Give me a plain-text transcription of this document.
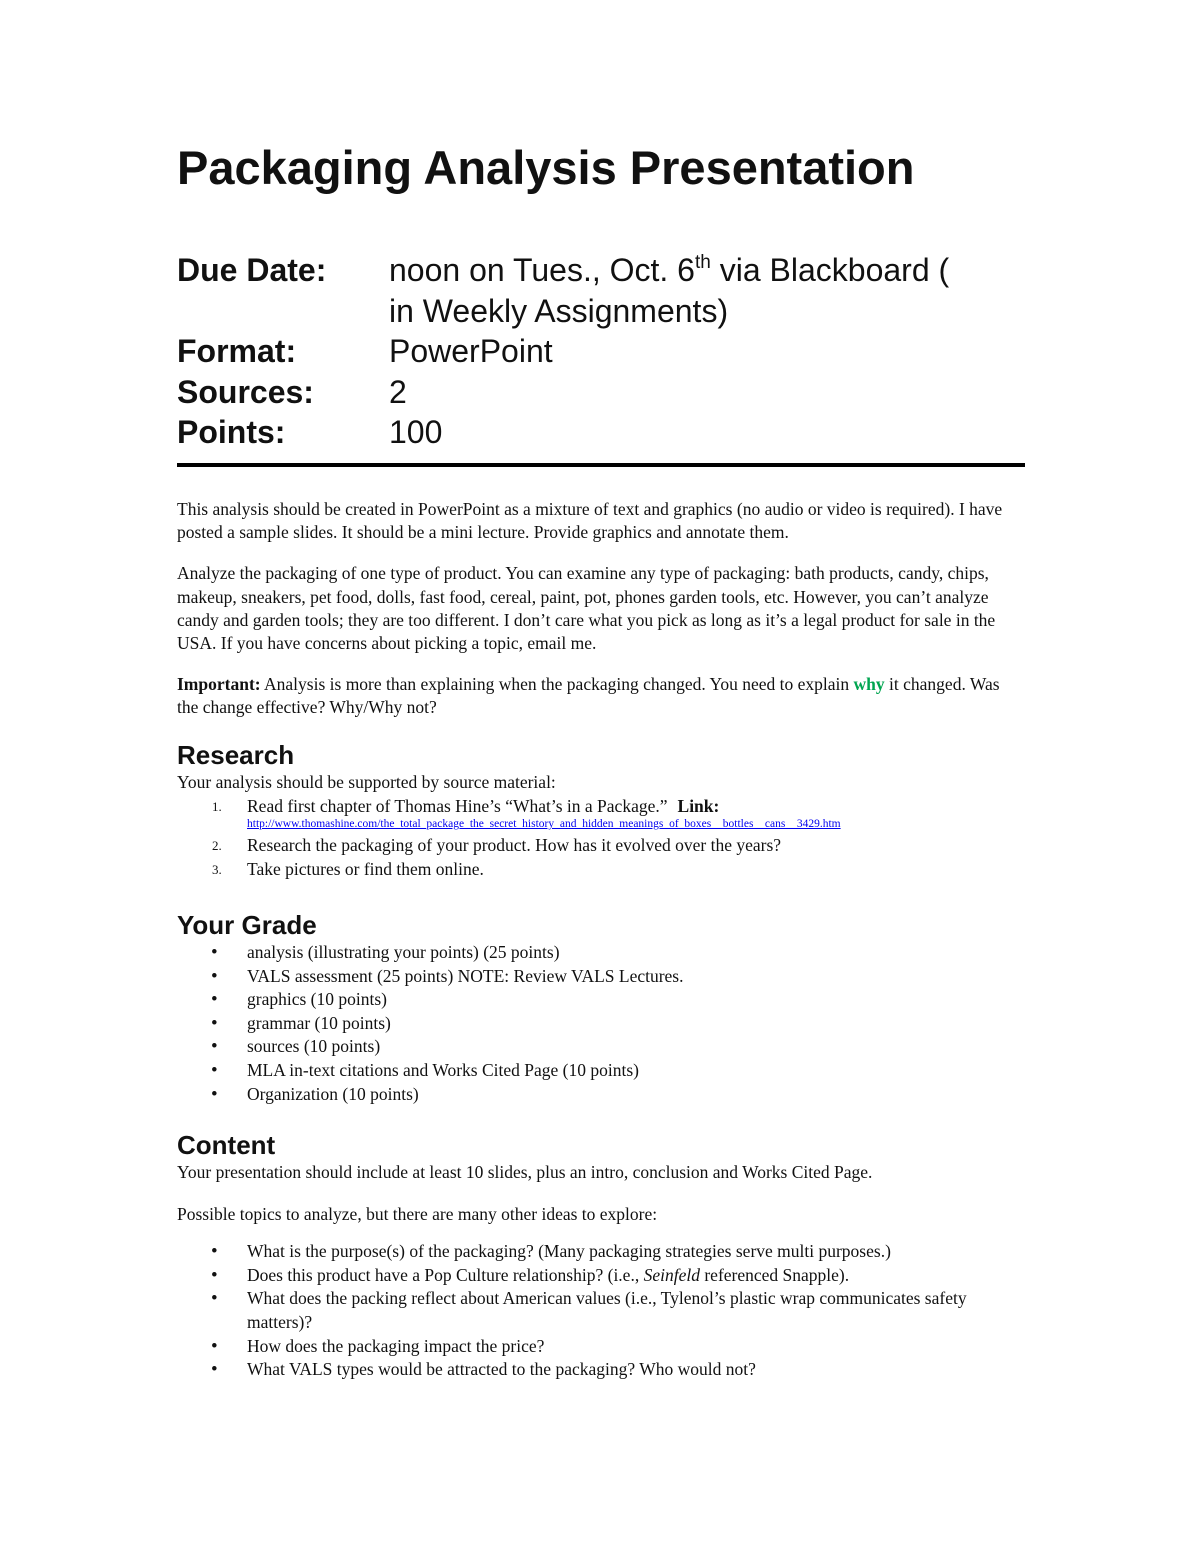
Packaging Analysis Presentation
Due Date:	noon on Tues., Oct. 6th via Blackboard (
in Weekly Assignments)
Format:	PowerPoint
Sources:	2
Points:	100

This analysis should be created in PowerPoint as a mixture of text and graphics (no audio or video is required). I have posted a sample slides. It should be a mini lecture. Provide graphics and annotate them.

Analyze the packaging of one type of product. You can examine any type of packaging: bath products, candy, chips, makeup, sneakers, pet food, dolls, fast food, cereal, paint, pot, phones garden tools, etc. However, you can’t analyze candy and garden tools; they are too different. I don’t care what you pick as long as it’s a legal product for sale in the USA. If you have concerns about picking a topic, email me.

Important: Analysis is more than explaining when the packaging changed. You need to explain why it changed. Was the change effective? Why/Why not?

Research
Your analysis should be supported by source material:
1. Read first chapter of Thomas Hine’s “What’s in a Package.” Link:
http://www.thomashine.com/the_total_package_the_secret_history_and_hidden_meanings_of_boxes__bottles__cans__3429.htm
2. Research the packaging of your product. How has it evolved over the years?
3. Take pictures or find them online.
Your Grade
• analysis (illustrating your points) (25 points)
• VALS assessment (25 points) NOTE: Review VALS Lectures.
• graphics (10 points)
• grammar (10 points)
• sources (10 points)
• MLA in-text citations and Works Cited Page (10 points)
• Organization (10 points)
Content
Your presentation should include at least 10 slides, plus an intro, conclusion and Works Cited Page.
Possible topics to analyze, but there are many other ideas to explore:
• What is the purpose(s) of the packaging? (Many packaging strategies serve multi purposes.)
• Does this product have a Pop Culture relationship? (i.e., Seinfeld referenced Snapple).
• What does the packing reflect about American values (i.e., Tylenol’s plastic wrap communicates safety matters)?
• How does the packaging impact the price?
• What VALS types would be attracted to the packaging? Who would not?
